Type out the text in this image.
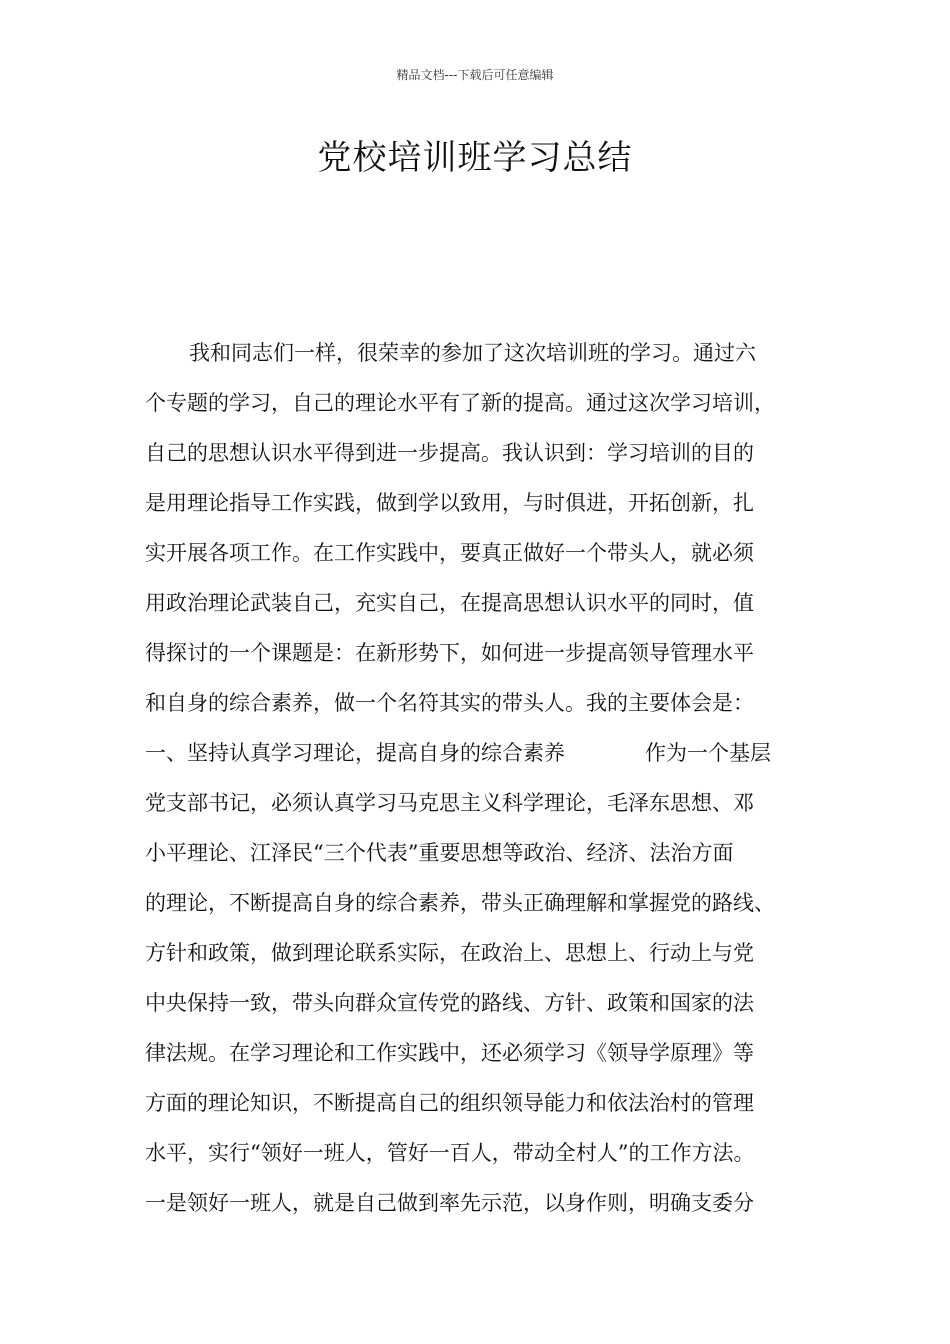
精品文档---下载后可任意编辑
党校培训班学习总结
我和同志们一样，很荣幸的参加了这次培训班的学习。通过六
个专题的学习，自己的理论水平有了新的提高。通过这次学习培训，
自己的思想认识水平得到进一步提高。我认识到：学习培训的目的
是用理论指导工作实践，做到学以致用，与时俱进，开拓创新，扎
实开展各项工作。在工作实践中，要真正做好一个带头人，就必须
用政治理论武装自己，充实自己，在提高思想认识水平的同时，值
得探讨的一个课题是：在新形势下，如何进一步提高领导管理水平
和自身的综合素养，做一个名符其实的带头人。我的主要体会是：
一、坚持认真学习理论，提高自身的综合素养	作为一个基层
党支部书记，必须认真学习马克思主义科学理论，毛泽东思想、邓
小平理论、江泽民“三个代表”重要思想等政治、经济、法治方面
的理论，不断提高自身的综合素养，带头正确理解和掌握党的路线、
方针和政策，做到理论联系实际，在政治上、思想上、行动上与党
中央保持一致，带头向群众宣传党的路线、方针、政策和国家的法
律法规。在学习理论和工作实践中，还必须学习《领导学原理》等
方面的理论知识，不断提高自己的组织领导能力和依法治村的管理
水平，实行“领好一班人，管好一百人，带动全村人”的工作方法。
一是领好一班人，就是自己做到率先示范，以身作则，明确支委分
